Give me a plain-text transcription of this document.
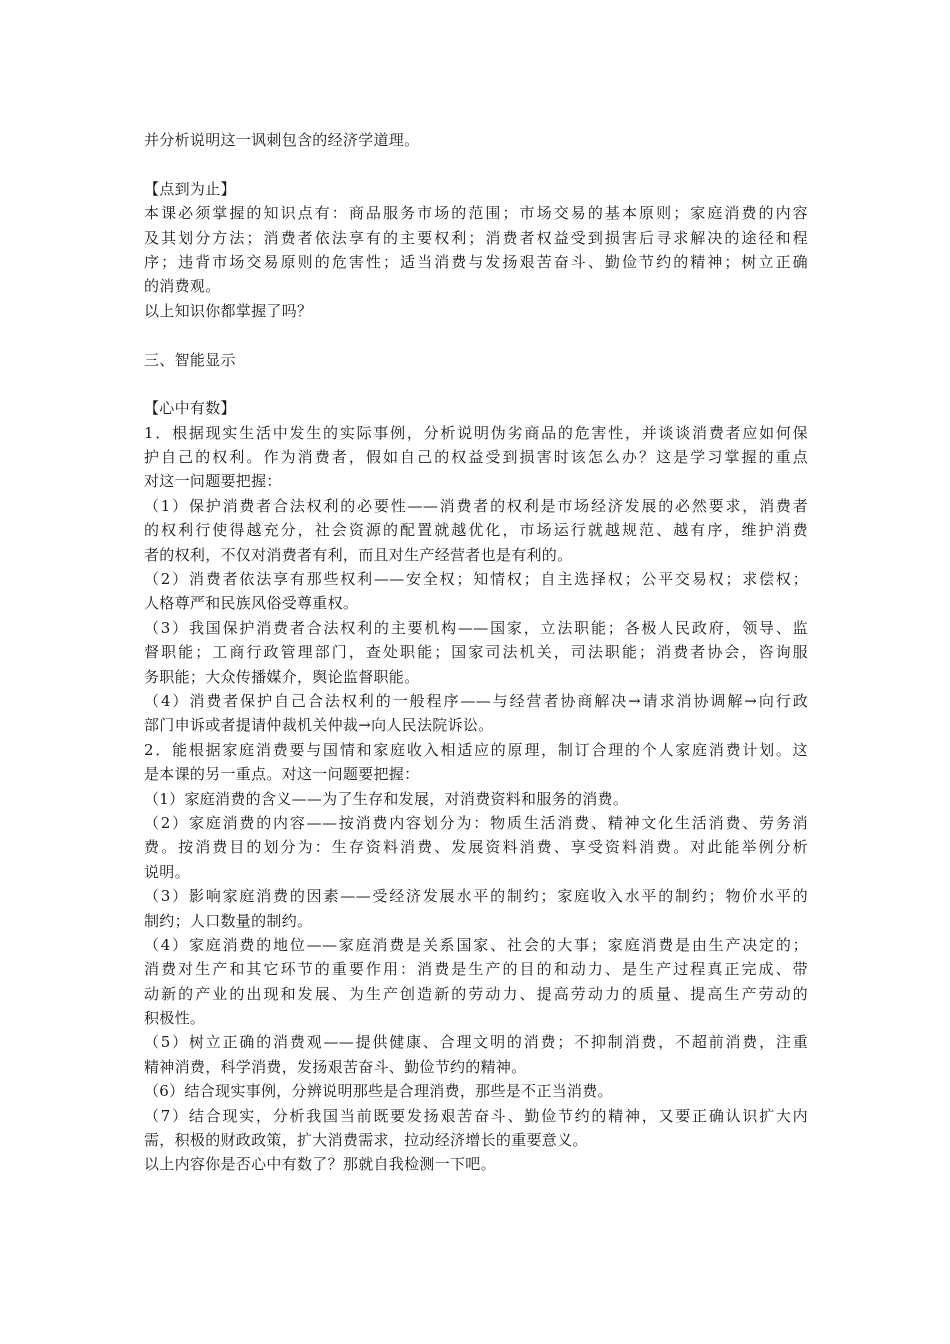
并分析说明这一讽刺包含的经济学道理。
【点到为止】
本课必须掌握的知识点有：商品服务市场的范围；市场交易的基本原则；家庭消费的内容
及其划分方法；消费者依法享有的主要权利；消费者权益受到损害后寻求解决的途径和程
序；违背市场交易原则的危害性；适当消费与发扬艰苦奋斗、勤俭节约的精神；树立正确
的消费观。
以上知识你都掌握了吗？
三、智能显示
【心中有数】
1．根据现实生活中发生的实际事例，分析说明伪劣商品的危害性，并谈谈消费者应如何保
护自己的权利。作为消费者，假如自己的权益受到损害时该怎么办？这是学习掌握的重点
对这一问题要把握：
（1）保护消费者合法权利的必要性——消费者的权利是市场经济发展的必然要求，消费者
的权利行使得越充分，社会资源的配置就越优化，市场运行就越规范、越有序，维护消费
者的权利，不仅对消费者有利，而且对生产经营者也是有利的。
（2）消费者依法享有那些权利——安全权；知情权；自主选择权；公平交易权；求偿权；
人格尊严和民族风俗受尊重权。
（3）我国保护消费者合法权利的主要机构——国家，立法职能；各极人民政府，领导、监
督职能；工商行政管理部门，查处职能；国家司法机关，司法职能；消费者协会，咨询服
务职能；大众传播媒介，舆论监督职能。
（4）消费者保护自己合法权利的一般程序——与经营者协商解决→请求消协调解→向行政
部门申诉或者提请仲裁机关仲裁→向人民法院诉讼。
2．能根据家庭消费要与国情和家庭收入相适应的原理，制订合理的个人家庭消费计划。这
是本课的另一重点。对这一问题要把握：
（1）家庭消费的含义——为了生存和发展，对消费资料和服务的消费。
（2）家庭消费的内容——按消费内容划分为：物质生活消费、精神文化生活消费、劳务消
费。按消费目的划分为：生存资料消费、发展资料消费、享受资料消费。对此能举例分析
说明。
（3）影响家庭消费的因素——受经济发展水平的制约；家庭收入水平的制约；物价水平的
制约；人口数量的制约。
（4）家庭消费的地位——家庭消费是关系国家、社会的大事；家庭消费是由生产决定的；
消费对生产和其它环节的重要作用：消费是生产的目的和动力、是生产过程真正完成、带
动新的产业的出现和发展、为生产创造新的劳动力、提高劳动力的质量、提高生产劳动的
积极性。
（5）树立正确的消费观——提供健康、合理文明的消费；不抑制消费，不超前消费，注重
精神消费，科学消费，发扬艰苦奋斗、勤俭节约的精神。
（6）结合现实事例，分辨说明那些是合理消费，那些是不正当消费。
（7）结合现实，分析我国当前既要发扬艰苦奋斗、勤俭节约的精神，又要正确认识扩大内
需，积极的财政政策，扩大消费需求，拉动经济增长的重要意义。
以上内容你是否心中有数了？那就自我检测一下吧。
